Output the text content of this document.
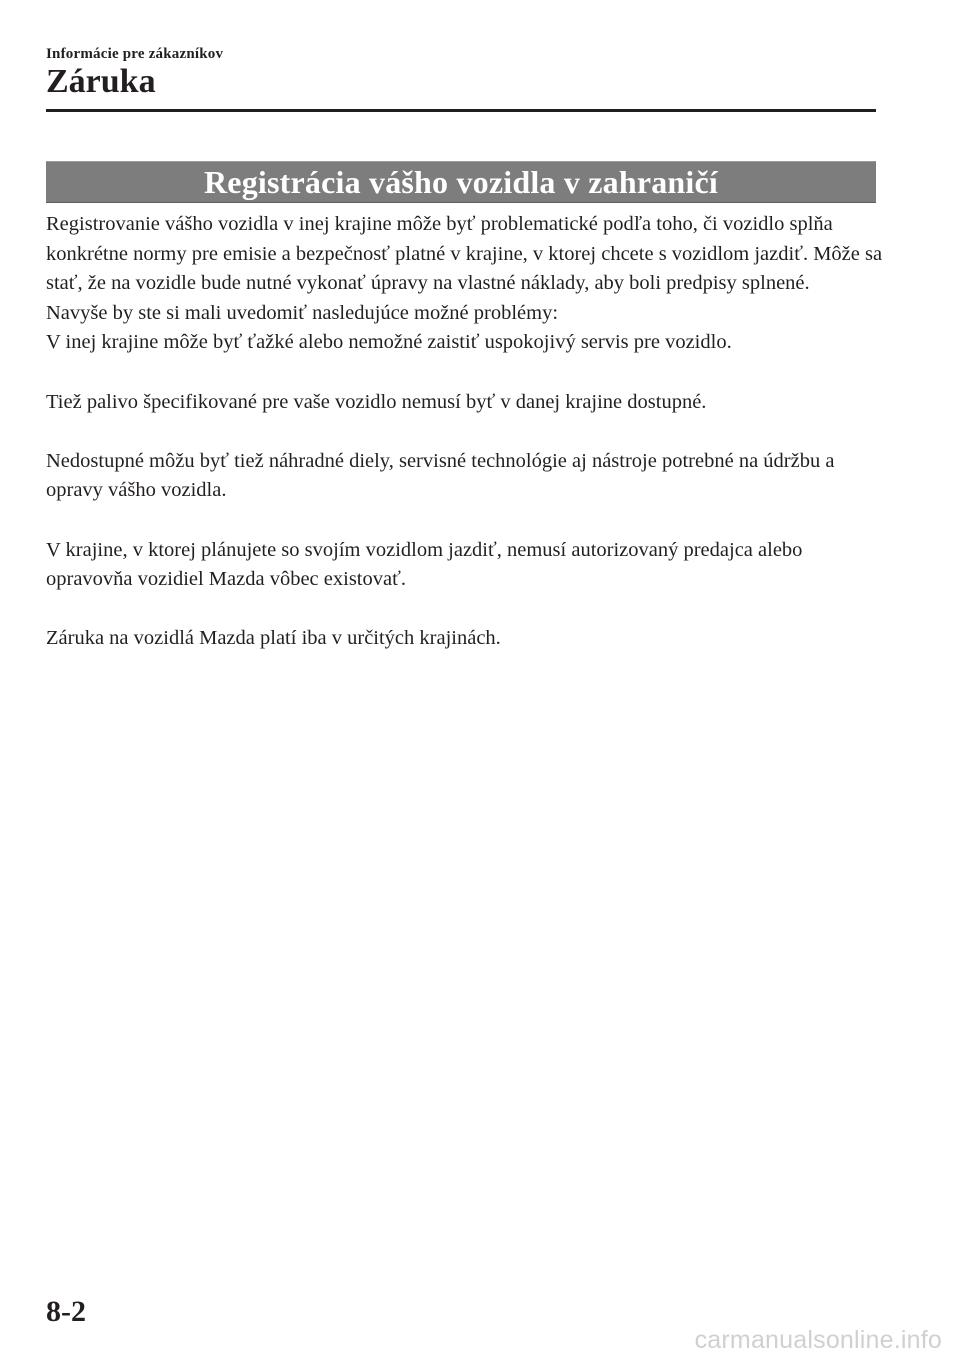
Informácie pre zákazníkov
Záruka
Registrácia vášho vozidla v zahraničí

Registrovanie vášho vozidla v inej krajine môže byť problematické podľa toho, či vozidlo splňa konkrétne normy pre emisie a bezpečnosť platné v krajine, v ktorej chcete s vozidlom jazdiť. Môže sa stať, že na vozidle bude nutné vykonať úpravy na vlastné náklady, aby boli predpisy splnené.

Navyše by ste si mali uvedomiť nasledujúce možné problémy:

V inej krajine môže byť ťažké alebo nemožné zaistiť uspokojivý servis pre vozidlo.

Tiež palivo špecifikované pre vaše vozidlo nemusí byť v danej krajine dostupné.

Nedostupné môžu byť tiež náhradné diely, servisné technológie aj nástroje potrebné na údržbu a opravy vášho vozidla.

V krajine, v ktorej plánujete so svojím vozidlom jazdiť, nemusí autorizovaný predajca alebo opravovňa vozidiel Mazda vôbec existovať.

Záruka na vozidlá Mazda platí iba v určitých krajinách.

8-2
carmanualsonline.info
